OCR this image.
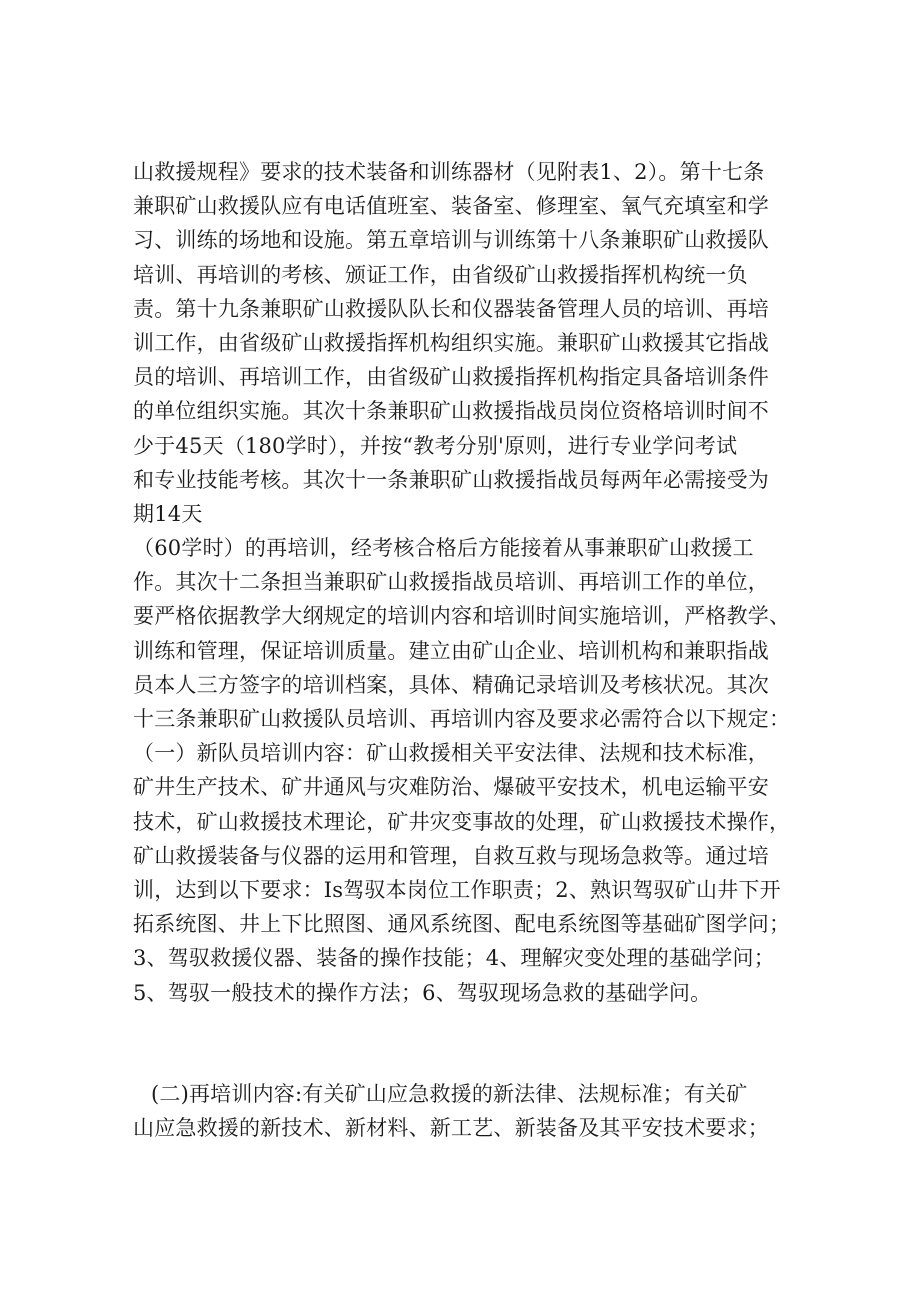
山救援规程》要求的技术装备和训练器材（见附表1、2）。第十七条
兼职矿山救援队应有电话值班室、装备室、修理室、氧气充填室和学
习、训练的场地和设施。第五章培训与训练第十八条兼职矿山救援队
培训、再培训的考核、颁证工作，由省级矿山救援指挥机构统一负
责。第十九条兼职矿山救援队队长和仪器装备管理人员的培训、再培
训工作，由省级矿山救援指挥机构组织实施。兼职矿山救援其它指战
员的培训、再培训工作，由省级矿山救援指挥机构指定具备培训条件
的单位组织实施。其次十条兼职矿山救援指战员岗位资格培训时间不
少于45天（180学时），并按“教考分别'原则，进行专业学问考试
和专业技能考核。其次十一条兼职矿山救援指战员每两年必需接受为
期14天
（60学时）的再培训，经考核合格后方能接着从事兼职矿山救援工
作。其次十二条担当兼职矿山救援指战员培训、再培训工作的单位，
要严格依据教学大纲规定的培训内容和培训时间实施培训，严格教学、
训练和管理，保证培训质量。建立由矿山企业、培训机构和兼职指战
员本人三方签字的培训档案，具体、精确记录培训及考核状况。其次
十三条兼职矿山救援队员培训、再培训内容及要求必需符合以下规定：
（一）新队员培训内容：矿山救援相关平安法律、法规和技术标准，
矿井生产技术、矿井通风与灾难防治、爆破平安技术，机电运输平安
技术，矿山救援技术理论，矿井灾变事故的处理，矿山救援技术操作，
矿山救援装备与仪器的运用和管理，自救互救与现场急救等。通过培
训，达到以下要求：Is驾驭本岗位工作职责；2、熟识驾驭矿山井下开
拓系统图、井上下比照图、通风系统图、配电系统图等基础矿图学问；
3、驾驭救援仪器、装备的操作技能；4、理解灾变处理的基础学问；
5、驾驭一般技术的操作方法；6、驾驭现场急救的基础学问。
(二)再培训内容:有关矿山应急救援的新法律、法规标准；有关矿
山应急救援的新技术、新材料、新工艺、新装备及其平安技术要求；
